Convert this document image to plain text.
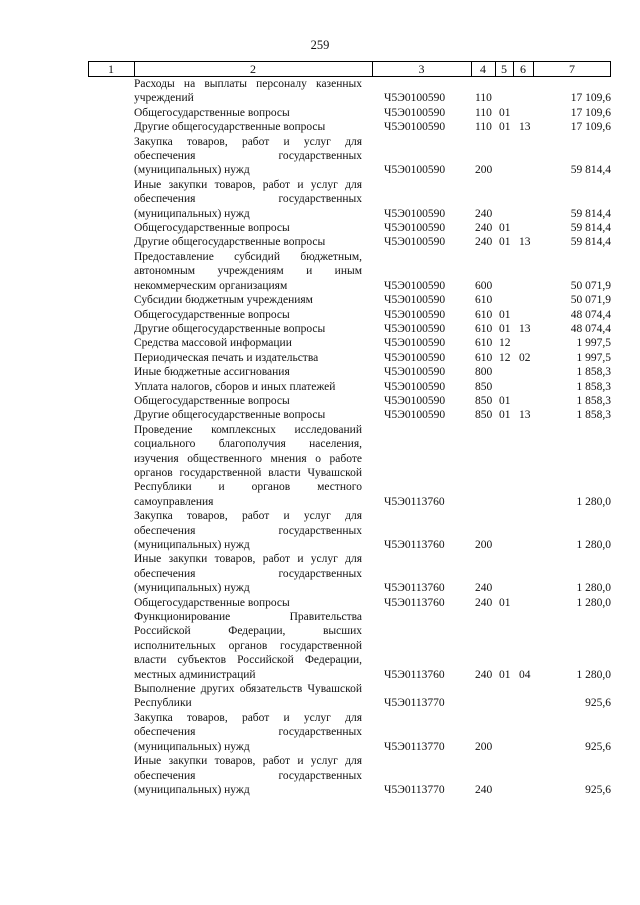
259
1	2	3	4	5	6	7
Расходы на выплаты персоналу казенных учреждений	Ч5Э0100590	110	17 109,6
Общегосударственные вопросы	Ч5Э0100590	110 01	17 109,6
Другие общегосударственные вопросы	Ч5Э0100590	110 01 13	17 109,6
Закупка товаров, работ и услуг для обеспечения государственных (муниципальных) нужд	Ч5Э0100590	200	59 814,4
Иные закупки товаров, работ и услуг для обеспечения государственных (муниципальных) нужд	Ч5Э0100590	240	59 814,4
Общегосударственные вопросы	Ч5Э0100590	240 01	59 814,4
Другие общегосударственные вопросы	Ч5Э0100590	240 01 13	59 814,4
Предоставление субсидий бюджетным, автономным учреждениям и иным некоммерческим организациям	Ч5Э0100590	600	50 071,9
Субсидии бюджетным учреждениям	Ч5Э0100590	610	50 071,9
Общегосударственные вопросы	Ч5Э0100590	610 01	48 074,4
Другие общегосударственные вопросы	Ч5Э0100590	610 01 13	48 074,4
Средства массовой информации	Ч5Э0100590	610 12	1 997,5
Периодическая печать и издательства	Ч5Э0100590	610 12 02	1 997,5
Иные бюджетные ассигнования	Ч5Э0100590	800	1 858,3
Уплата налогов, сборов и иных платежей	Ч5Э0100590	850	1 858,3
Общегосударственные вопросы	Ч5Э0100590	850 01	1 858,3
Другие общегосударственные вопросы	Ч5Э0100590	850 01 13	1 858,3
Проведение комплексных исследований социального благополучия населения, изучения общественного мнения о работе органов государственной власти Чувашской Республики и органов местного самоуправления	Ч5Э0113760	1 280,0
Закупка товаров, работ и услуг для обеспечения государственных (муниципальных) нужд	Ч5Э0113760	200	1 280,0
Иные закупки товаров, работ и услуг для обеспечения государственных (муниципальных) нужд	Ч5Э0113760	240	1 280,0
Общегосударственные вопросы	Ч5Э0113760	240 01	1 280,0
Функционирование Правительства Российской Федерации, высших исполнительных органов государственной власти субъектов Российской Федерации, местных администраций	Ч5Э0113760	240 01 04	1 280,0
Выполнение других обязательств Чувашской Республики	Ч5Э0113770	925,6
Закупка товаров, работ и услуг для обеспечения государственных (муниципальных) нужд	Ч5Э0113770	200	925,6
Иные закупки товаров, работ и услуг для обеспечения государственных (муниципальных) нужд	Ч5Э0113770	240	925,6
